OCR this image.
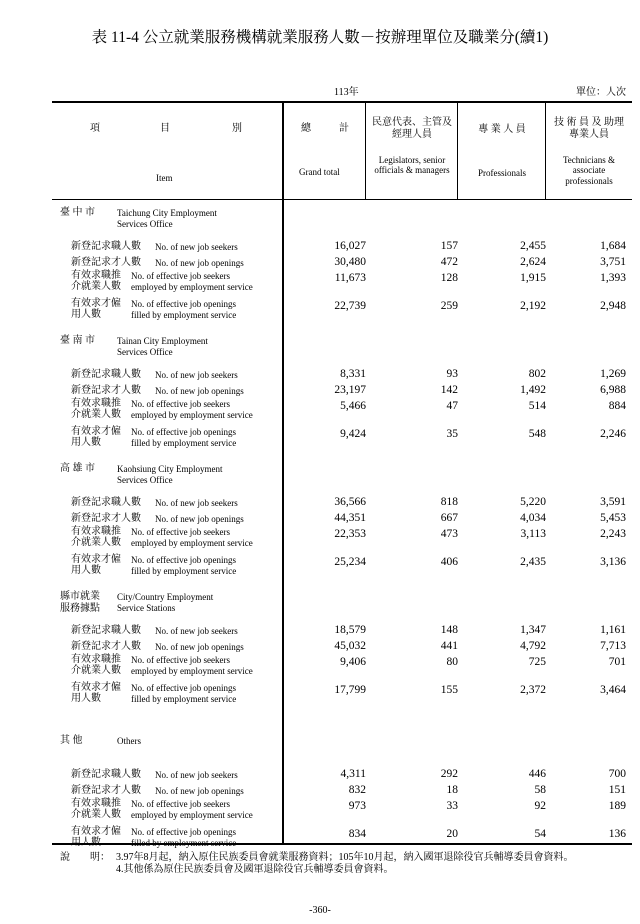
表 11-4 公立就業服務機構就業服務人數－按辦理單位及職業分(續1)
113年	單位：人次
項	目	別
Item
總	計
Grand total
民意代表、主管及經理人員
Legislators, senior officials & managers
專 業 人 員
Professionals
技 術 員 及 助理專業人員
Technicians & associate professionals
臺 中 市 Taichung City Employment
Services Office
新登記求職人數 No. of new job seekers	16,027	157	2,455	1,684
新登記求才人數 No. of new job openings	30,480	472	2,624	3,751
有效求職推
介就業人數
No. of effective job seekers
employed by employment service
11,673	128	1,915	1,393
有效求才僱
用人數
No. of effective job openings
filled by employment service
22,739	259	2,192	2,948
臺 南 市 Tainan City Employment
Services Office
新登記求職人數 No. of new job seekers	8,331	93	802	1,269
新登記求才人數 No. of new job openings	23,197	142	1,492	6,988
有效求職推
介就業人數
No. of effective job seekers
employed by employment service
5,466	47	514	884
有效求才僱
用人數
No. of effective job openings
filled by employment service
9,424	35	548	2,246
高 雄 市 Kaohsiung City Employment
Services Office
新登記求職人數 No. of new job seekers	36,566	818	5,220	3,591
新登記求才人數 No. of new job openings	44,351	667	4,034	5,453
有效求職推
介就業人數
No. of effective job seekers
employed by employment service
22,353	473	3,113	2,243
有效求才僱
用人數
No. of effective job openings
filled by employment service
25,234	406	2,435	3,136
縣市就業
服務據點
City/Country Employment
Service Stations
新登記求職人數 No. of new job seekers	18,579	148	1,347	1,161
新登記求才人數 No. of new job openings	45,032	441	4,792	7,713
有效求職推
介就業人數
No. of effective job seekers
employed by employment service
9,406	80	725	701
有效求才僱
用人數
No. of effective job openings
filled by employment service
17,799	155	2,372	3,464
其 他	Others
新登記求職人數 No. of new job seekers	4,311	292	446	700
新登記求才人數 No. of new job openings	832	18	58	151
有效求職推
介就業人數
No. of effective job seekers
employed by employment service
973	33	92	189
有效求才僱
用人數
No. of effective job openings
filled by employment service
834	20	54	136
說　　明： 3.97年8月起，納入原住民族委員會就業服務資料；105年10月起，納入國軍退除役官兵輔導委員會資料。
4.其他係為原住民族委員會及國軍退除役官兵輔導委員會資料。
-360-
